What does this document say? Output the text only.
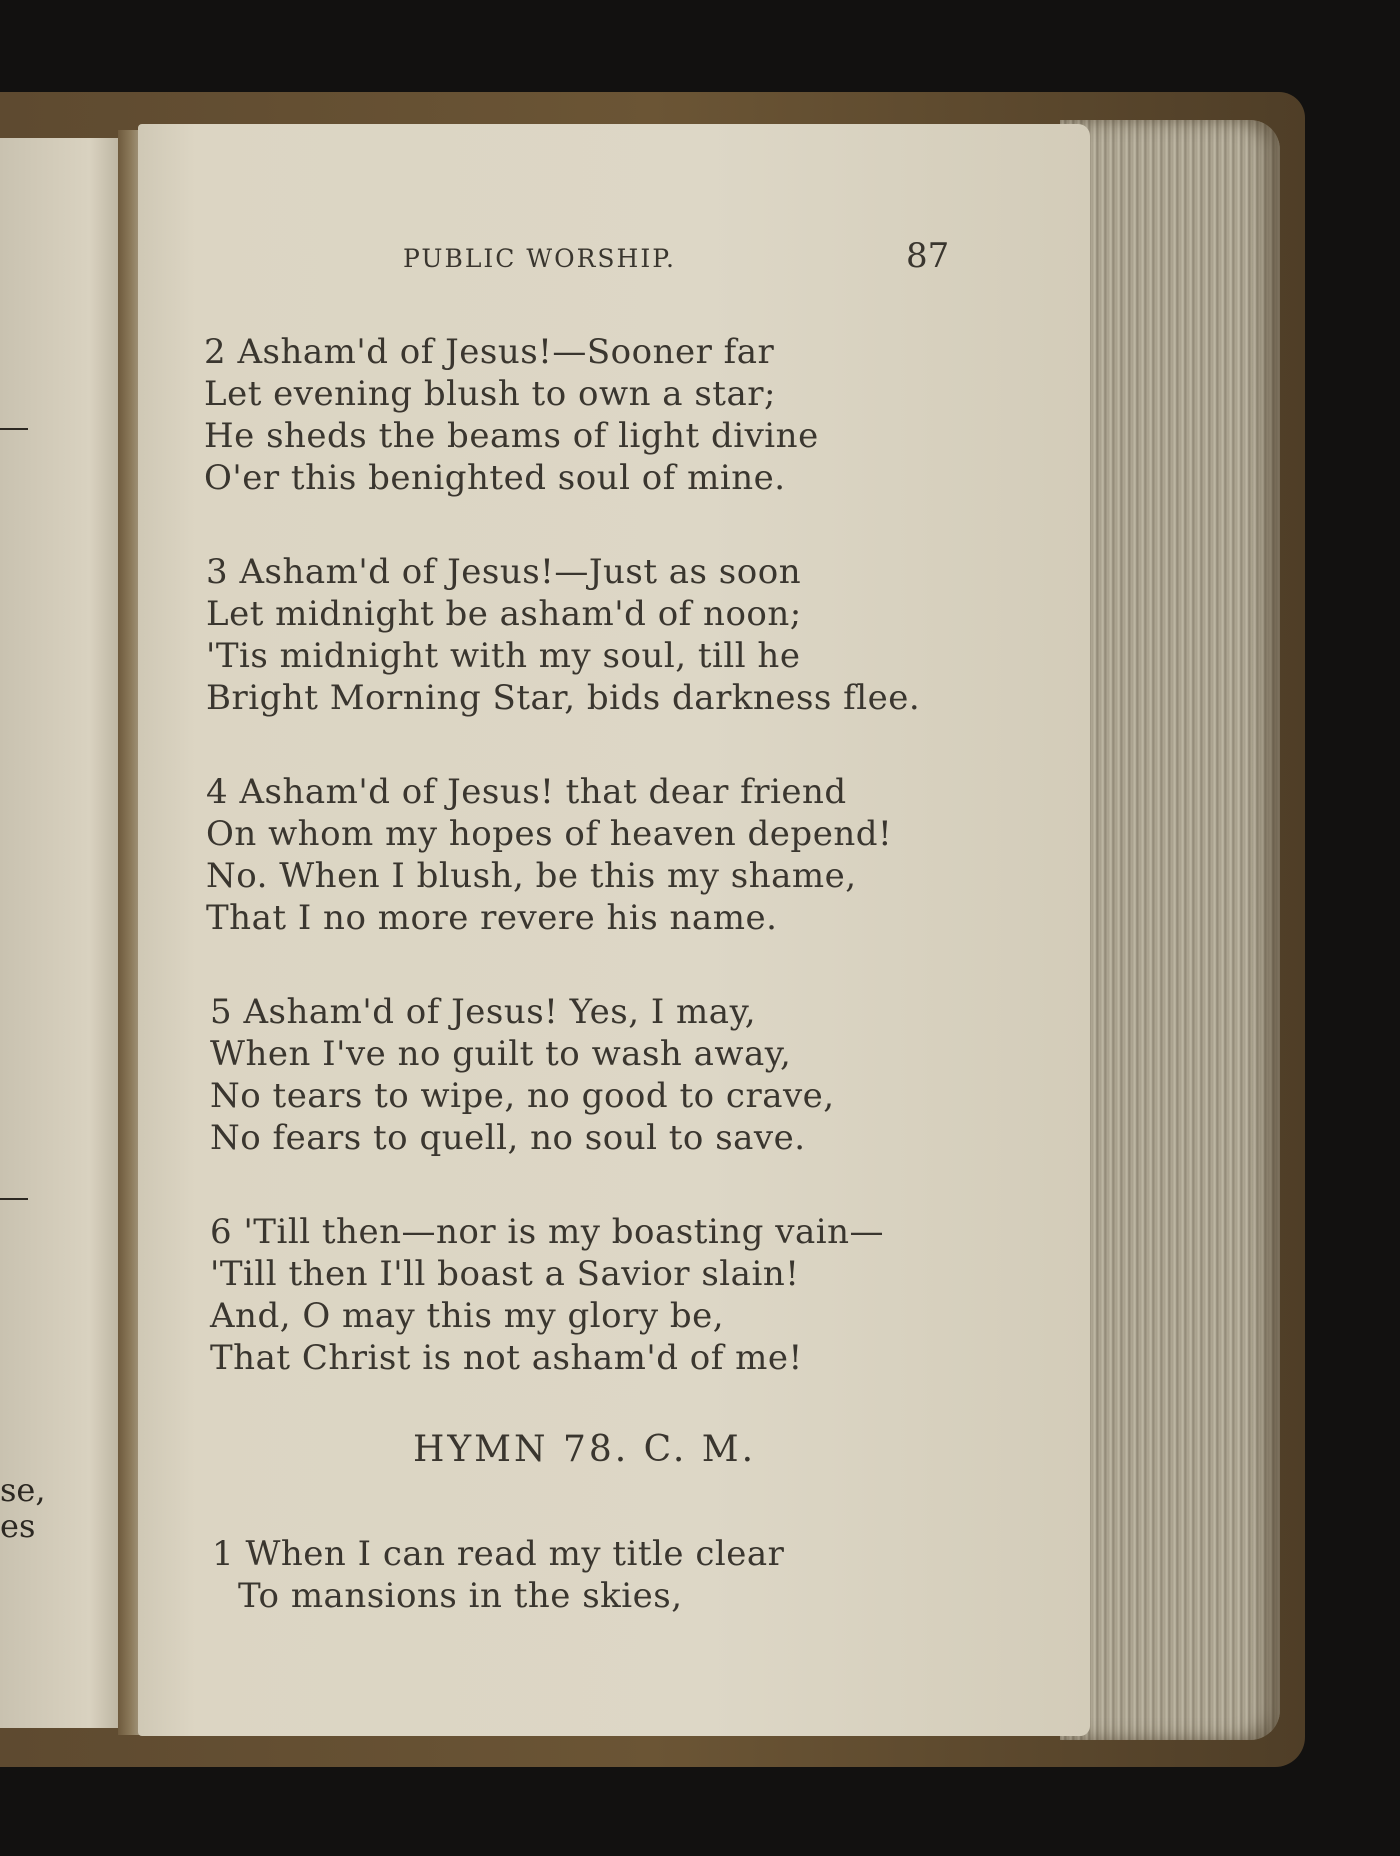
se,
es
PUBLIC WORSHIP.	87
2 Asham'd of Jesus!—Sooner far
Let evening blush to own a star;
He sheds the beams of light divine
O'er this benighted soul of mine.
3 Asham'd of Jesus!—Just as soon
Let midnight be asham'd of noon;
'Tis midnight with my soul, till he
Bright Morning Star, bids darkness flee.
4 Asham'd of Jesus! that dear friend
On whom my hopes of heaven depend!
No. When I blush, be this my shame,
That I no more revere his name.
5 Asham'd of Jesus! Yes, I may,
When I've no guilt to wash away,
No tears to wipe, no good to crave,
No fears to quell, no soul to save.
6 'Till then—nor is my boasting vain—
'Till then I'll boast a Savior slain!
And, O may this my glory be,
That Christ is not asham'd of me!
HYMN 78. C. M.
1 When I can read my title clear
To mansions in the skies,
